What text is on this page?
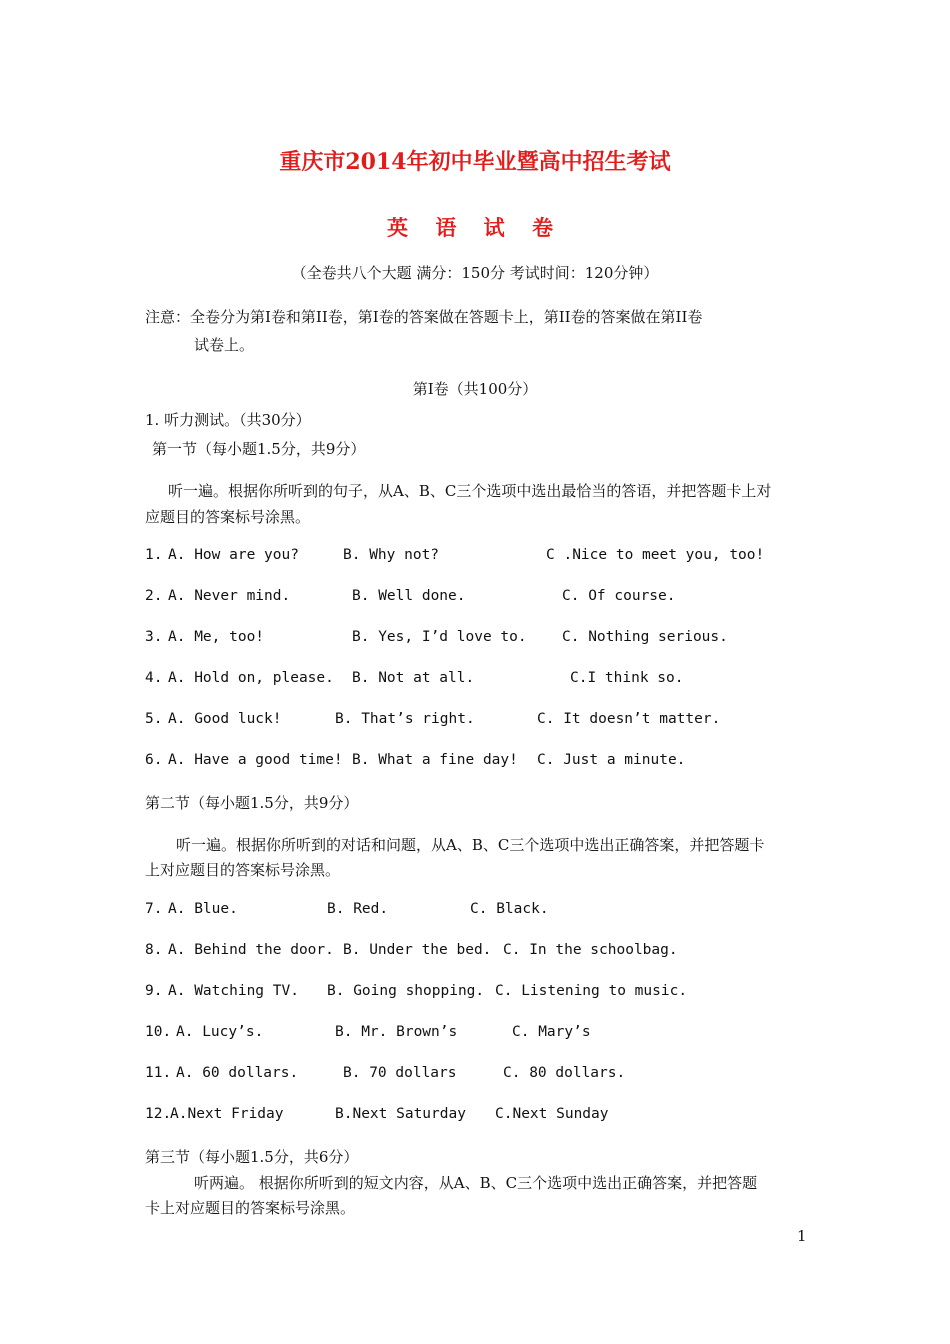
重庆市2014年初中毕业暨高中招生考试
英 语 试 卷
（全卷共八个大题 满分：150分 考试时间：120分钟）
注意：全卷分为第I卷和第II卷，第I卷的答案做在答题卡上，第II卷的答案做在第II卷
试卷上。
第I卷（共100分）
1. 听力测试。（共30分）
第一节（每小题1.5分，共9分）
听一遍。根据你所听到的句子，从A、B、C三个选项中选出最恰当的答语，并把答题卡上对
应题目的答案标号涂黑。
1. A. How are you?	B. Why not?	C .Nice to meet you, too!
2. A. Never mind.	B. Well done.	C. Of course.
3. A. Me, too!	B. Yes, I’d love to. C. Nothing serious.
4. A. Hold on, please. B. Not at all.	C.I think so.
5. A. Good luck!	B. That’s right.	C. It doesn’t matter.
6. A. Have a good time! B. What a fine day! C. Just a minute.
第二节（每小题1.5分，共9分）
听一遍。根据你所听到的对话和问题，从A、B、C三个选项中选出正确答案，并把答题卡
上对应题目的答案标号涂黑。
7. A. Blue.	B. Red.	C. Black.
8. A. Behind the door. B. Under the bed. C. In the schoolbag.
9. A. Watching TV. B. Going shopping. C. Listening to music.
10. A. Lucy’s.	B. Mr. Brown’s	C. Mary’s
11. A. 60 dollars.	B. 70 dollars	C. 80 dollars.
12.
A.Next Friday	B.Next Saturday C.Next Sunday
第三节（每小题1.5分，共6分）
听两遍。 根据你所听到的短文内容，从A、B、C三个选项中选出正确答案，并把答题
卡上对应题目的答案标号涂黑。
1
